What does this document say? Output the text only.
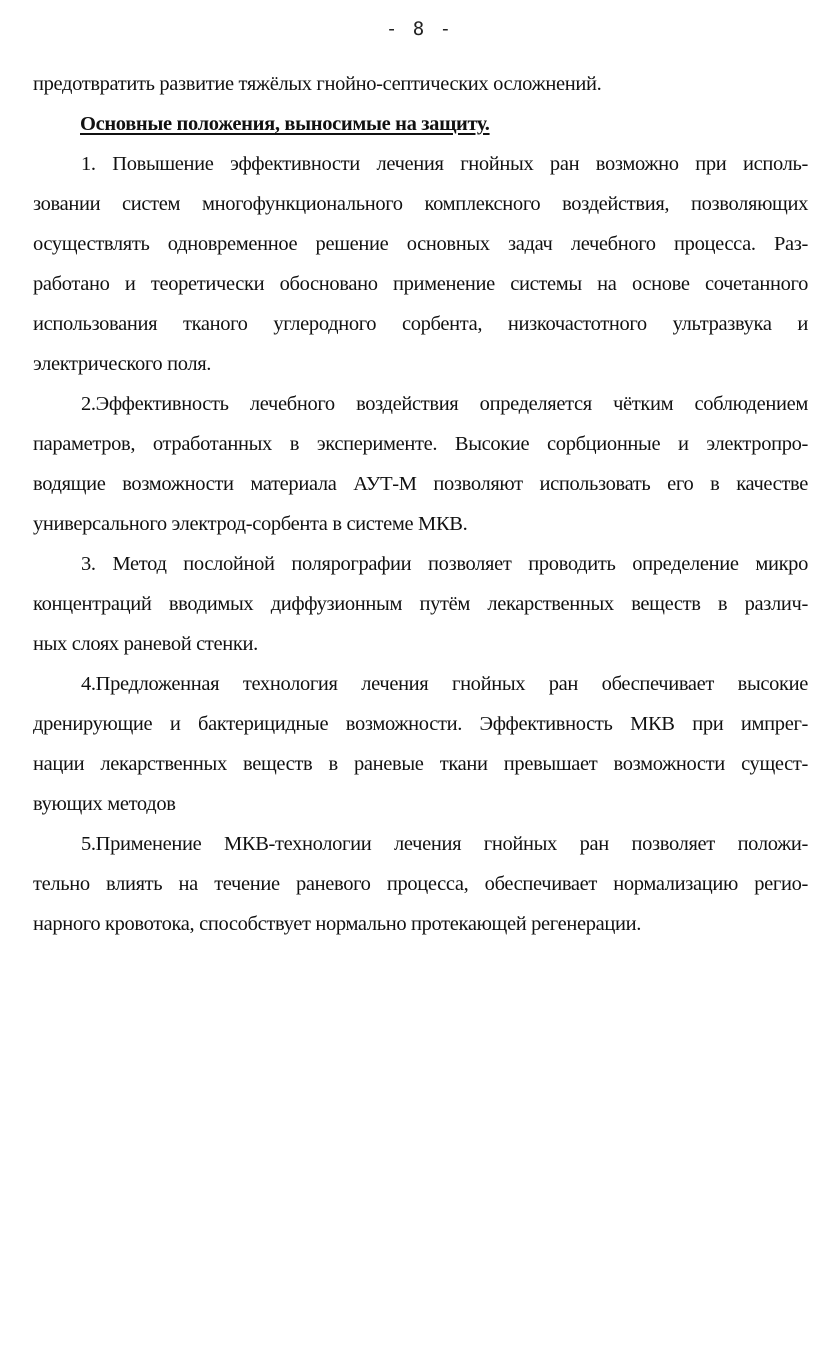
- 8 -
предотвратить развитие тяжёлых гнойно-септических осложнений.
Основные положения, выносимые на защиту.
1. Повышение эффективности лечения гнойных ран возможно при исполь-
зовании систем многофункционального комплексного воздействия, позволяющих
осуществлять одновременное решение основных задач лечебного процесса. Раз-
работано и теоретически обосновано применение системы на основе сочетанного
использования тканого углеродного сорбента, низкочастотного ультразвука и
электрического поля.
2.Эффективность лечебного воздействия определяется чётким соблюдением
параметров, отработанных в эксперименте. Высокие сорбционные и электропро-
водящие возможности материала АУТ-М позволяют использовать его в качестве
универсального электрод-сорбента в системе МКВ.
3. Метод послойной полярографии позволяет проводить определение микро
концентраций вводимых диффузионным путём лекарственных веществ в различ-
ных слоях раневой стенки.
4.Предложенная технология лечения гнойных ран обеспечивает высокие
дренирующие и бактерицидные возможности. Эффективность МКВ при импрег-
нации лекарственных веществ в раневые ткани превышает возможности сущест-
вующих методов
5.Применение МКВ-технологии лечения гнойных ран позволяет положи-
тельно влиять на течение раневого процесса, обеспечивает нормализацию регио-
нарного кровотока, способствует нормально протекающей регенерации.
